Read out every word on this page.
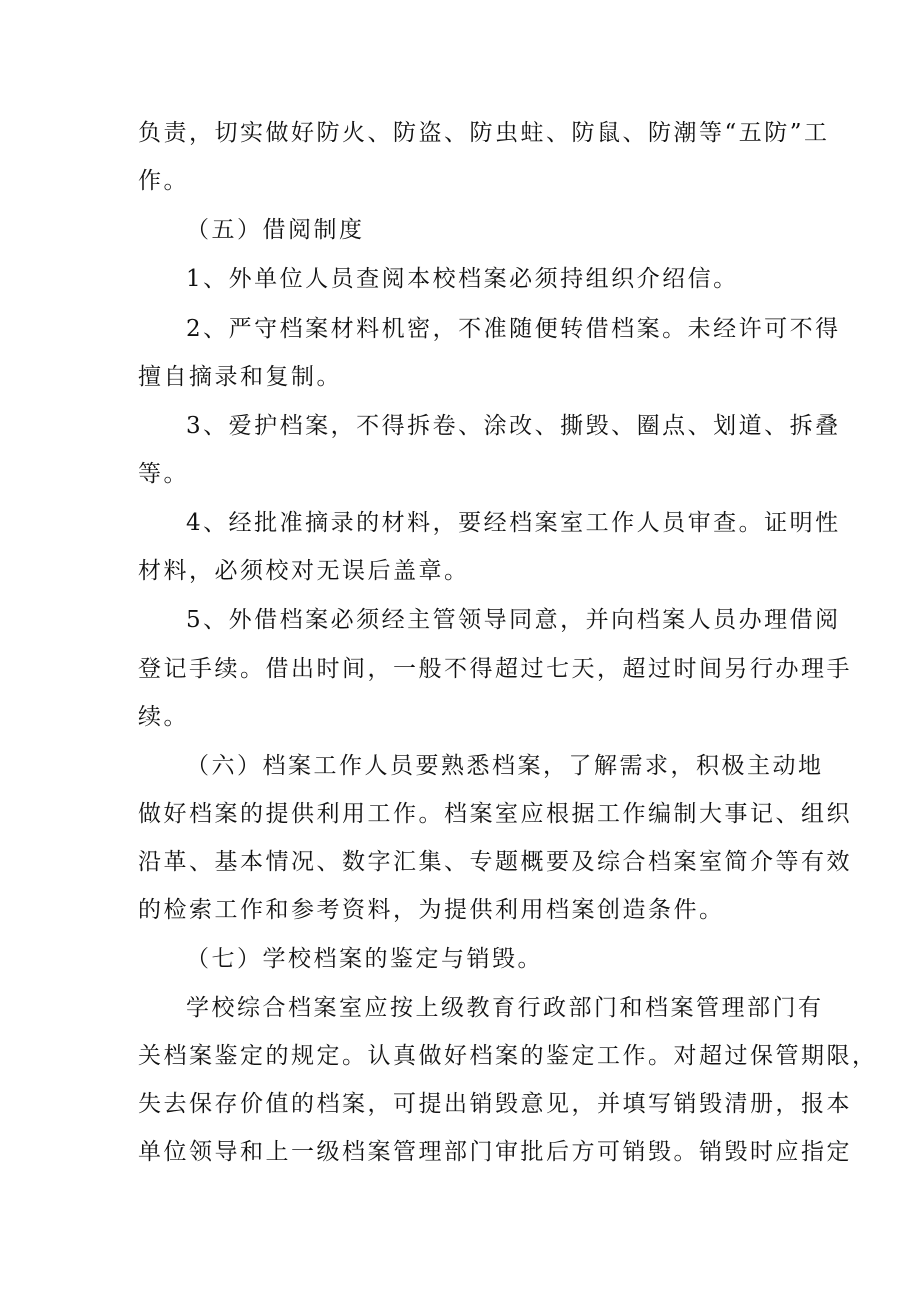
负责，切实做好防火、防盗、防虫蛀、防鼠、防潮等“五防”工
作。
（五）借阅制度
1、外单位人员查阅本校档案必须持组织介绍信。
2、严守档案材料机密，不准随便转借档案。未经许可不得
擅自摘录和复制。
3、爱护档案，不得拆卷、涂改、撕毁、圈点、划道、拆叠
等。
4、经批准摘录的材料，要经档案室工作人员审查。证明性
材料，必须校对无误后盖章。
5、外借档案必须经主管领导同意，并向档案人员办理借阅
登记手续。借出时间，一般不得超过七天，超过时间另行办理手
续。
（六）档案工作人员要熟悉档案，了解需求，积极主动地
做好档案的提供利用工作。档案室应根据工作编制大事记、组织
沿革、基本情况、数字汇集、专题概要及综合档案室简介等有效
的检索工作和参考资料，为提供利用档案创造条件。
（七）学校档案的鉴定与销毁。
学校综合档案室应按上级教育行政部门和档案管理部门有
关档案鉴定的规定。认真做好档案的鉴定工作。对超过保管期限，
失去保存价值的档案，可提出销毁意见，并填写销毁清册，报本
单位领导和上一级档案管理部门审批后方可销毁。销毁时应指定
